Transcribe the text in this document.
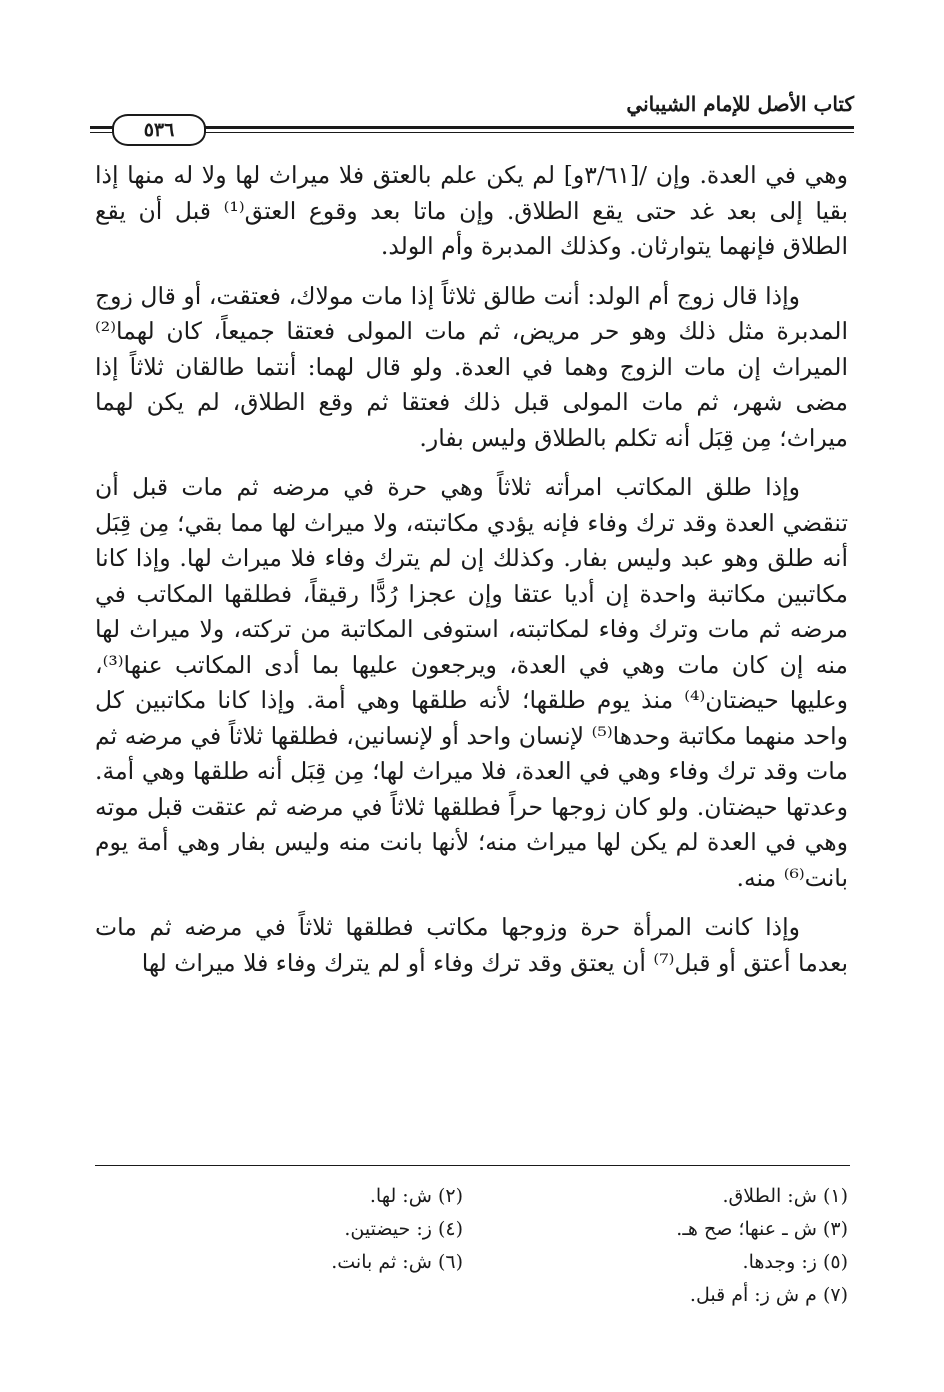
كتاب الأصل للإمام الشيباني
٥٣٦

وهي في العدة. وإن /[٣/٦١و] لم يكن علم بالعتق فلا ميراث لها ولا له منها إذا بقيا إلى بعد غد حتى يقع الطلاق. وإن ماتا بعد وقوع العتق⁽¹⁾ قبل أن يقع الطلاق فإنهما يتوارثان. وكذلك المدبرة وأم الولد.

وإذا قال زوج أم الولد: أنت طالق ثلاثاً إذا مات مولاك، فعتقت، أو قال زوج المدبرة مثل ذلك وهو حر مريض، ثم مات المولى فعتقا جميعاً، كان لهما⁽²⁾ الميراث إن مات الزوج وهما في العدة. ولو قال لهما: أنتما طالقان ثلاثاً إذا مضى شهر، ثم مات المولى قبل ذلك فعتقا ثم وقع الطلاق، لم يكن لهما ميراث؛ مِن قِبَل أنه تكلم بالطلاق وليس بفار.

وإذا طلق المكاتب امرأته ثلاثاً وهي حرة في مرضه ثم مات قبل أن تنقضي العدة وقد ترك وفاء فإنه يؤدي مكاتبته، ولا ميراث لها مما بقي؛ مِن قِبَل أنه طلق وهو عبد وليس بفار. وكذلك إن لم يترك وفاء فلا ميراث لها. وإذا كانا مكاتبين مكاتبة واحدة إن أديا عتقا وإن عجزا رُدًّا رقيقاً، فطلقها المكاتب في مرضه ثم مات وترك وفاء لمكاتبته، استوفى المكاتبة من تركته، ولا ميراث لها منه إن كان مات وهي في العدة، ويرجعون عليها بما أدى المكاتب عنها⁽³⁾، وعليها حيضتان⁽⁴⁾ منذ يوم طلقها؛ لأنه طلقها وهي أمة. وإذا كانا مكاتبين كل واحد منهما مكاتبة وحدها⁽⁵⁾ لإنسان واحد أو لإنسانين، فطلقها ثلاثاً في مرضه ثم مات وقد ترك وفاء وهي في العدة، فلا ميراث لها؛ مِن قِبَل أنه طلقها وهي أمة. وعدتها حيضتان. ولو كان زوجها حراً فطلقها ثلاثاً في مرضه ثم عتقت قبل موته وهي في العدة لم يكن لها ميراث منه؛ لأنها بانت منه وليس بفار وهي أمة يوم بانت⁽⁶⁾ منه.

وإذا كانت المرأة حرة وزوجها مكاتب فطلقها ثلاثاً في مرضه ثم مات بعدما أعتق أو قبل⁽⁷⁾ أن يعتق وقد ترك وفاء أو لم يترك وفاء فلا ميراث لها

(١) ش: الطلاق.
(٣) ش ـ عنها؛ صح هـ.
(٥) ز: وجدها.
(٧) م ش ز: أم قبل.
(٢) ش: لها.
(٤) ز: حيضتين.
(٦) ش: ثم بانت.
